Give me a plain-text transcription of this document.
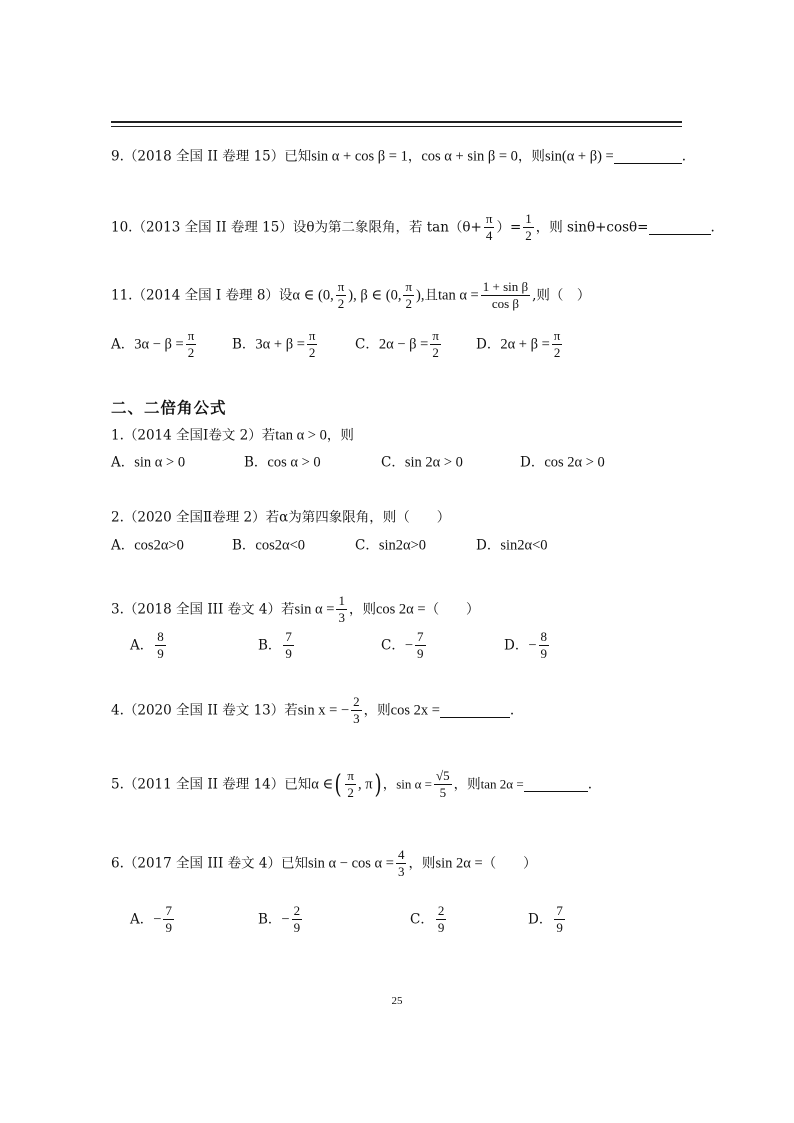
9.（2018 全国 II 卷理 15）已知sin α + cos β = 1，cos α + sin β = 0，则sin(α + β) =	.
10.（2013 全国 II 卷理 15）设θ为第二象限角，若 $\tan(\theta+ \frac{\pi}{4}$ ）= $\frac{1}{2}$ ，则 sinθ+cosθ=	.
11.（2014 全国 I 卷理 8）设α ∈ (0, $\frac{\pi}{2}$ ), β ∈ (0, $\frac{\pi}{2}$ ),且$\tan \alpha = \frac{\text{1 + sin β}}{\text{cos β}}$ ,则（　）
A．$3\alpha - \beta = \frac{\pi}{2}$	B．$3\alpha + \beta = \frac{\pi}{2}$	C．$2\alpha - \beta = \frac{\pi}{2}$	D．$2\alpha + \beta = \frac{\pi}{2}$
二、二倍角公式
1.（2014 全国Ⅰ卷文 2）若tan α > 0，则
A．sin α > 0	B．cos α > 0	C．sin 2α > 0	D．cos 2α > 0
2.（2020 全国Ⅱ卷理 2）若α为第四象限角，则（　　）
A．cos2α>0	B．cos2α<0	C．sin2α>0	D．sin2α<0
3.（2018 全国 III 卷文 4）若$\sin \alpha = \frac{1}{3}$ ，则cos 2α =（　　）
A． $\frac{8}{9}$	B． $\frac{7}{9}$	C．− $\frac{7}{9}$	D．− $\frac{8}{9}$
4.（2020 全国 II 卷文 13）若sin x = − $\frac{2}{3}$ ，则cos 2x =	.
5.（2011 全国 II 卷理 14）已知α ∈( $\frac{\pi}{2}$ , π) ，$\sin \alpha = \frac{√5}{5}$ ，则tan 2α =	.
6.（2017 全国 III 卷文 4）已知$\sin \alpha - \cos \alpha = \frac{4}{3}$ ，则sin 2α =（　　）
A．− $\frac{7}{9}$	B．− $\frac{2}{9}$	C． $\frac{2}{9}$	D． $\frac{7}{9}$
25
